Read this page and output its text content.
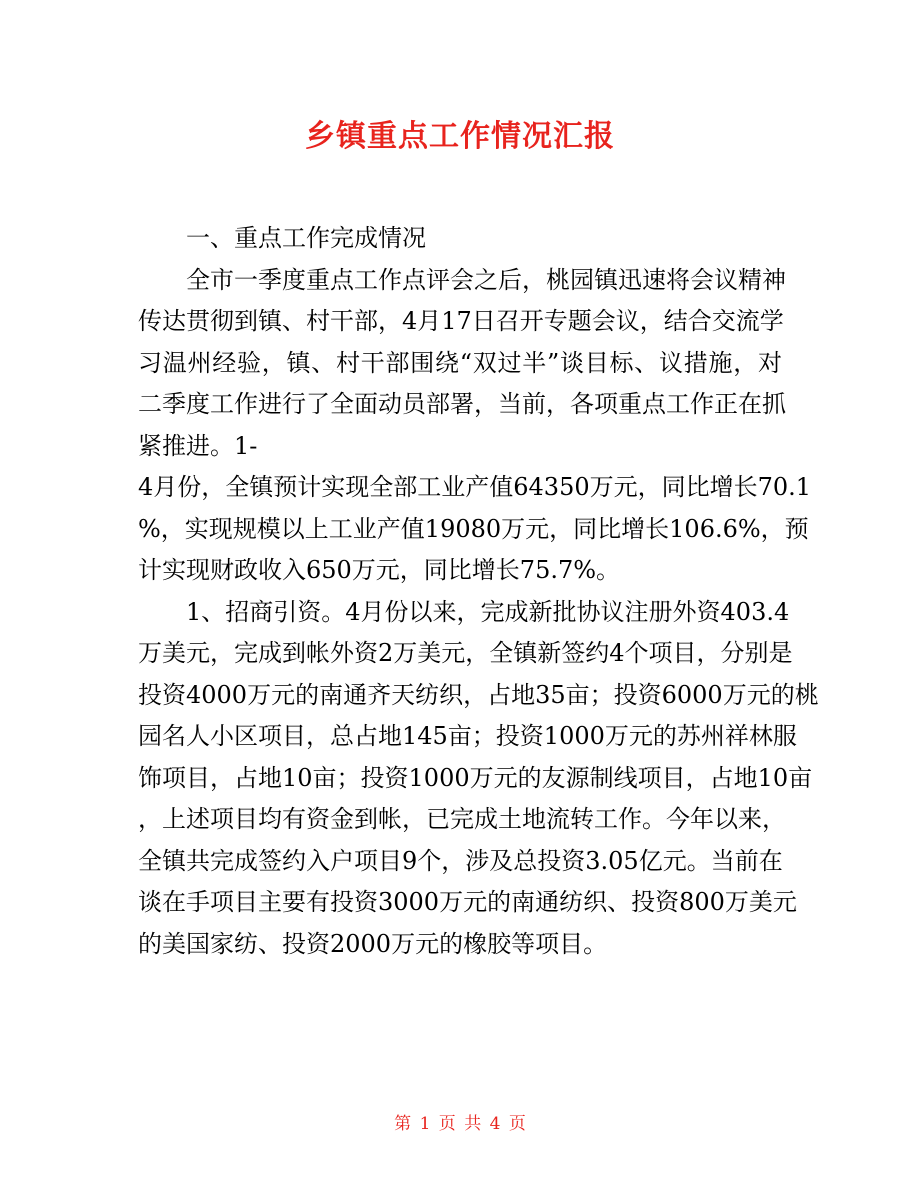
乡镇重点工作情况汇报
一、重点工作完成情况
全市一季度重点工作点评会之后，桃园镇迅速将会议精神
传达贯彻到镇、村干部，4月17日召开专题会议，结合交流学
习温州经验，镇、村干部围绕“双过半”谈目标、议措施，对
二季度工作进行了全面动员部署，当前，各项重点工作正在抓
紧推进。1-
4月份，全镇预计实现全部工业产值64350万元，同比增长70.1
%，实现规模以上工业产值19080万元，同比增长106.6%，预
计实现财政收入650万元，同比增长75.7%。
1、招商引资。4月份以来，完成新批协议注册外资403.4
万美元，完成到帐外资2万美元，全镇新签约4个项目，分别是
投资4000万元的南通齐天纺织，占地35亩；投资6000万元的桃
园名人小区项目，总占地145亩；投资1000万元的苏州祥林服
饰项目，占地10亩；投资1000万元的友源制线项目，占地10亩
，上述项目均有资金到帐，已完成土地流转工作。今年以来，
全镇共完成签约入户项目9个，涉及总投资3.05亿元。当前在
谈在手项目主要有投资3000万元的南通纺织、投资800万美元
的美国家纺、投资2000万元的橡胶等项目。
第 1 页 共 4 页
